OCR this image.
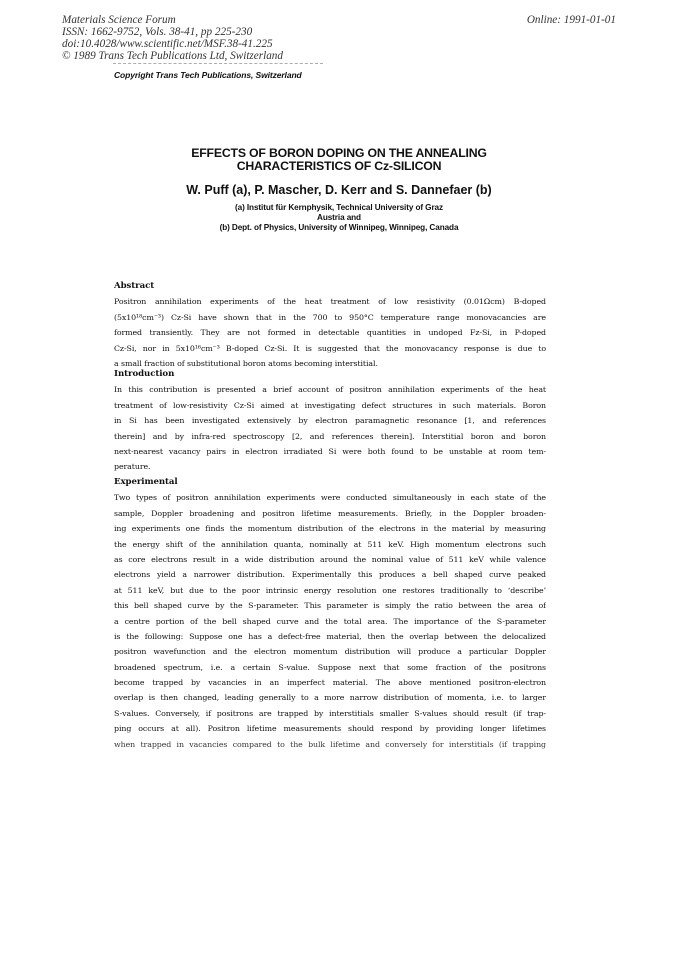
Materials Science Forum
ISSN: 1662-9752, Vols. 38-41, pp 225-230
doi:10.4028/www.scientific.net/MSF.38-41.225
© 1989 Trans Tech Publications Ltd, Switzerland
Online: 1991-01-01
Copyright Trans Tech Publications, Switzerland
EFFECTS OF BORON DOPING ON THE ANNEALING
CHARACTERISTICS OF Cz-SILICON
W. Puff (a), P. Mascher, D. Kerr and S. Dannefaer (b)
(a) Institut für Kernphysik, Technical University of Graz
Austria and
(b) Dept. of Physics, University of Winnipeg, Winnipeg, Canada
Abstract
Positron annihilation experiments of the heat treatment of low resistivity (0.01Ωcm) B-doped
(5x10¹⁸cm⁻³) Cz-Si have shown that in the 700 to 950°C temperature range monovacancies are
formed transiently. They are not formed in detectable quantities in undoped Fz-Si, in P-doped
Cz-Si, nor in 5x10¹⁶cm⁻³ B-doped Cz-Si. It is suggested that the monovacancy response is due to
a small fraction of substitutional boron atoms becoming interstitial.
Introduction
In this contribution is presented a brief account of positron annihilation experiments of the heat
treatment of low-resistivity Cz-Si aimed at investigating defect structures in such materials. Boron
in Si has been investigated extensively by electron paramagnetic resonance [1, and references
therein] and by infra-red spectroscopy [2, and references therein]. Interstitial boron and boron
next-nearest vacancy pairs in electron irradiated Si were both found to be unstable at room tem-
perature.
Experimental
Two types of positron annihilation experiments were conducted simultaneously in each state of the
sample, Doppler broadening and positron lifetime measurements. Briefly, in the Doppler broaden-
ing experiments one finds the momentum distribution of the electrons in the material by measuring
the energy shift of the annihilation quanta, nominally at 511 keV. High momentum electrons such
as core electrons result in a wide distribution around the nominal value of 511 keV while valence
electrons yield a narrower distribution. Experimentally this produces a bell shaped curve peaked
at 511 keV, but due to the poor intrinsic energy resolution one restores traditionally to ‘describe’
this bell shaped curve by the S-parameter. This parameter is simply the ratio between the area of
a centre portion of the bell shaped curve and the total area. The importance of the S-parameter
is the following: Suppose one has a defect-free material, then the overlap between the delocalized
positron wavefunction and the electron momentum distribution will produce a particular Doppler
broadened spectrum, i.e. a certain S-value. Suppose next that some fraction of the positrons
become trapped by vacancies in an imperfect material. The above mentioned positron-electron
overlap is then changed, leading generally to a more narrow distribution of momenta, i.e. to larger
S-values. Conversely, if positrons are trapped by interstitials smaller S-values should result (if trap-
ping occurs at all). Positron lifetime measurements should respond by providing longer lifetimes
when trapped in vacancies compared to the bulk lifetime and conversely for interstitials (if trapping
